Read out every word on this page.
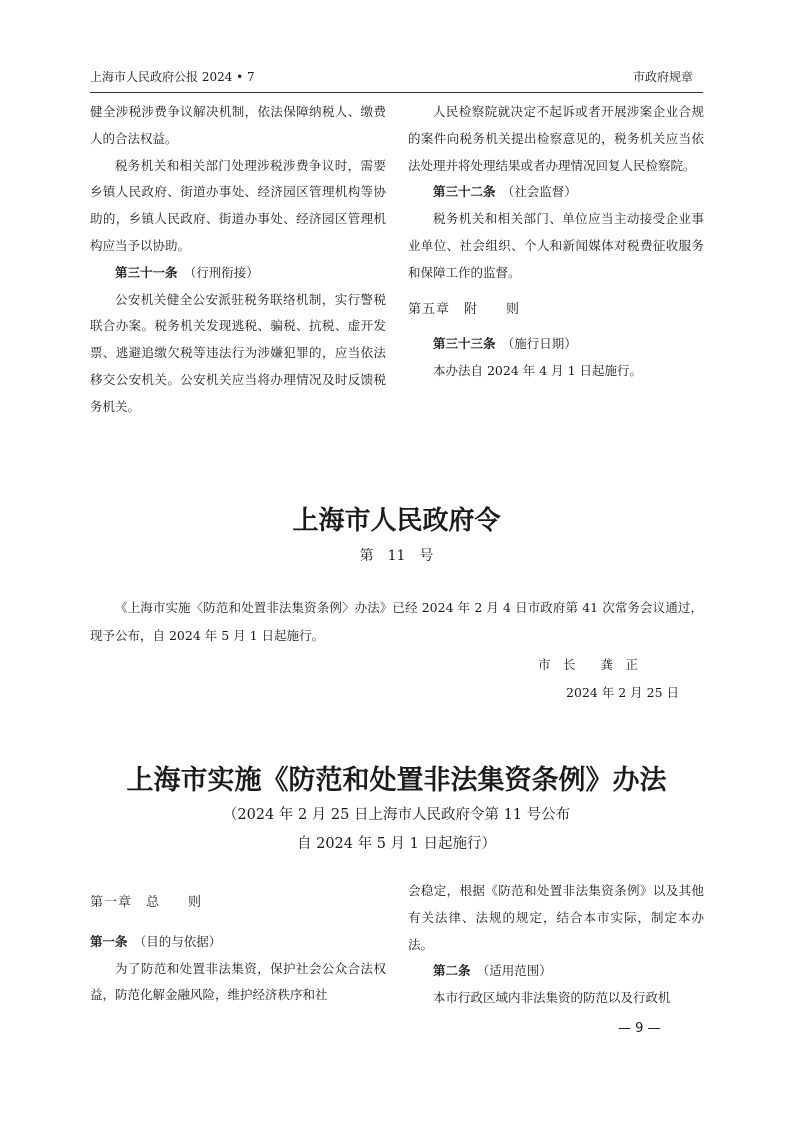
上海市人民政府公报 2024 • 7	市政府规章

健全涉税涉费争议解决机制，依法保障纳税人、缴费人的合法权益。

税务机关和相关部门处理涉税涉费争议时，需要乡镇人民政府、街道办事处、经济园区管理机构等协助的，乡镇人民政府、街道办事处、经济园区管理机构应当予以协助。

第三十一条　 （行刑衔接）

公安机关健全公安派驻税务联络机制，实行警税联合办案。税务机关发现逃税、骗税、抗税、虚开发票、逃避追缴欠税等违法行为涉嫌犯罪的，应当依法移交公安机关。公安机关应当将办理情况及时反馈税务机关。

人民检察院就决定不起诉或者开展涉案企业合规的案件向税务机关提出检察意见的，税务机关应当依法处理并将处理结果或者办理情况回复人民检察院。

第三十二条　 （社会监督）

税务机关和相关部门、单位应当主动接受企业事业单位、社会组织、个人和新闻媒体对税费征收服务和保障工作的监督。

第五章　附　　则

第三十三条　 （施行日期）

本办法自 2024 年 4 月 1 日起施行。

上海市人民政府令
第　11　号

《上海市实施〈防范和处置非法集资条例〉办法》已经 2024 年 2 月 4 日市政府第 41 次常务会议通过，现予公布，自 2024 年 5 月 1 日起施行。

市　长　　龚　正
2024 年 2 月 25 日
上海市实施《防范和处置非法集资条例》办法
（2024 年 2 月 25 日上海市人民政府令第 11 号公布
自 2024 年 5 月 1 日起施行）

第一章　总　　则

第一条　 （目的与依据）

为了防范和处置非法集资，保护社会公众合法权益，防范化解金融风险，维护经济秩序和社

会稳定，根据《防范和处置非法集资条例》以及其他有关法律、法规的规定，结合本市实际，制定本办法。

第二条　 （适用范围）

本市行政区域内非法集资的防范以及行政机

— 9 —
